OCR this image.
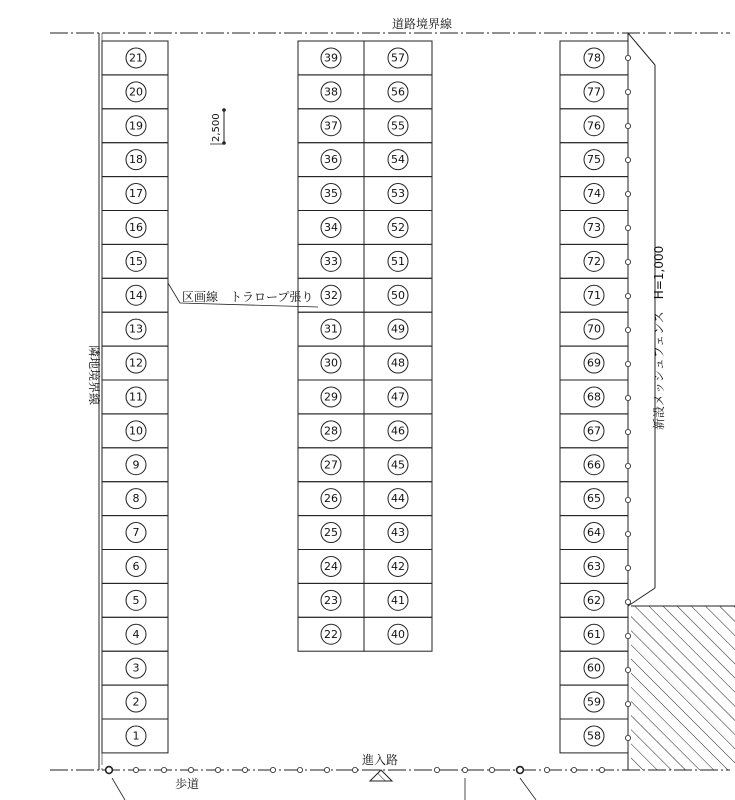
道路境界線
隣地境界線
21
20
19
18
17
16
15
14
13
12
11
10
9
8
7
6
5
4
3
2
1
39
38
37
36
35
34
33
32
31
30
29
28
27
26
25
24
23
22
57
56
55
54
53
52
51
50
49
48
47
46
45
44
43
42
41
40
78
77
76
75
74
73
72
71
70
69
68
67
66
65
64
63
62
61
60
59
58
2,500
区画線　トラロープ張り	新設メッシュフェンス　H=1,000
進入路
歩道
